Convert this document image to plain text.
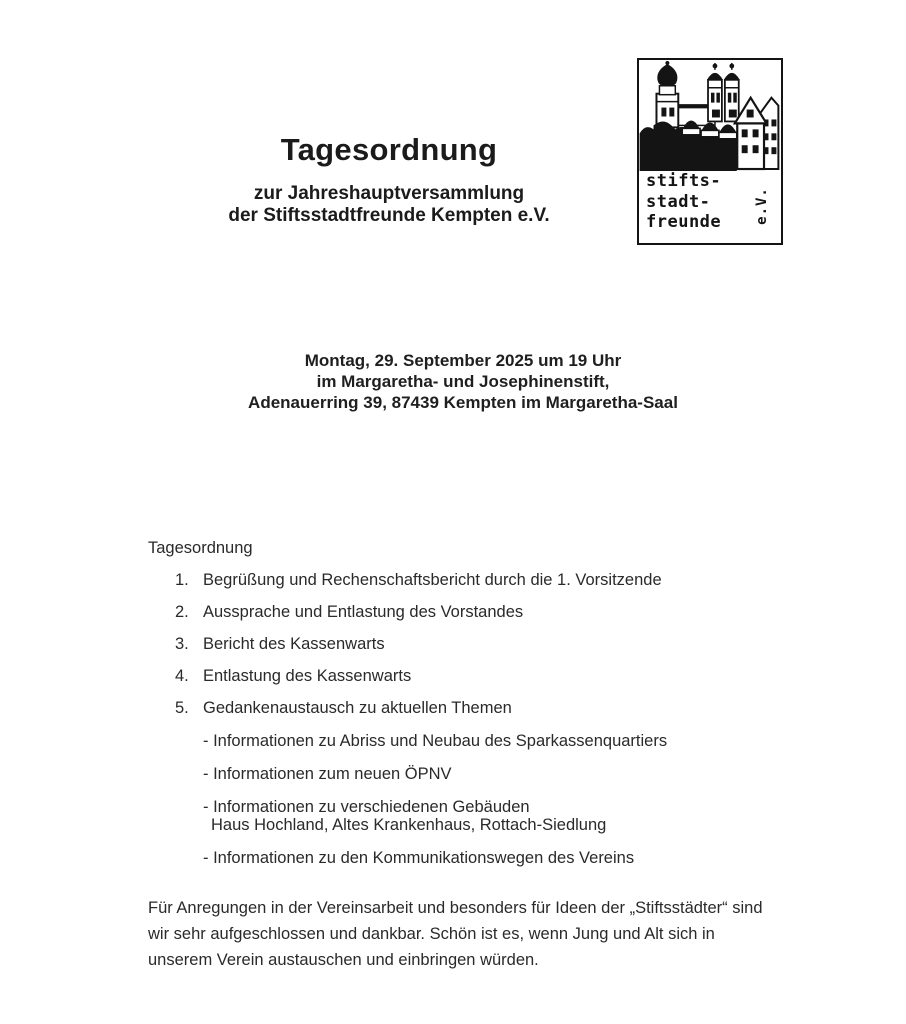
Tagesordnung
zur Jahreshauptversammlung
der Stiftsstadtfreunde Kempten e.V.
stifts-
stadt-
freunde	e.V.
Montag, 29. September 2025 um 19 Uhr
im Margaretha- und Josephinenstift,
Adenauerring 39, 87439 Kempten im Margaretha-Saal
Tagesordnung
1. Begrüßung und Rechenschaftsbericht durch die 1. Vorsitzende
2. Aussprache und Entlastung des Vorstandes
3. Bericht des Kassenwarts
4. Entlastung des Kassenwarts
5. Gedankenaustausch zu aktuellen Themen
- Informationen zu Abriss und Neubau des Sparkassenquartiers
- Informationen zum neuen ÖPNV
- Informationen zu verschiedenen Gebäuden
Haus Hochland, Altes Krankenhaus, Rottach-Siedlung
- Informationen zu den Kommunikationswegen des Vereins
Für Anregungen in der Vereinsarbeit und besonders für Ideen der „Stiftsstädter“ sind
wir sehr aufgeschlossen und dankbar. Schön ist es, wenn Jung und Alt sich in
unserem Verein austauschen und einbringen würden.
